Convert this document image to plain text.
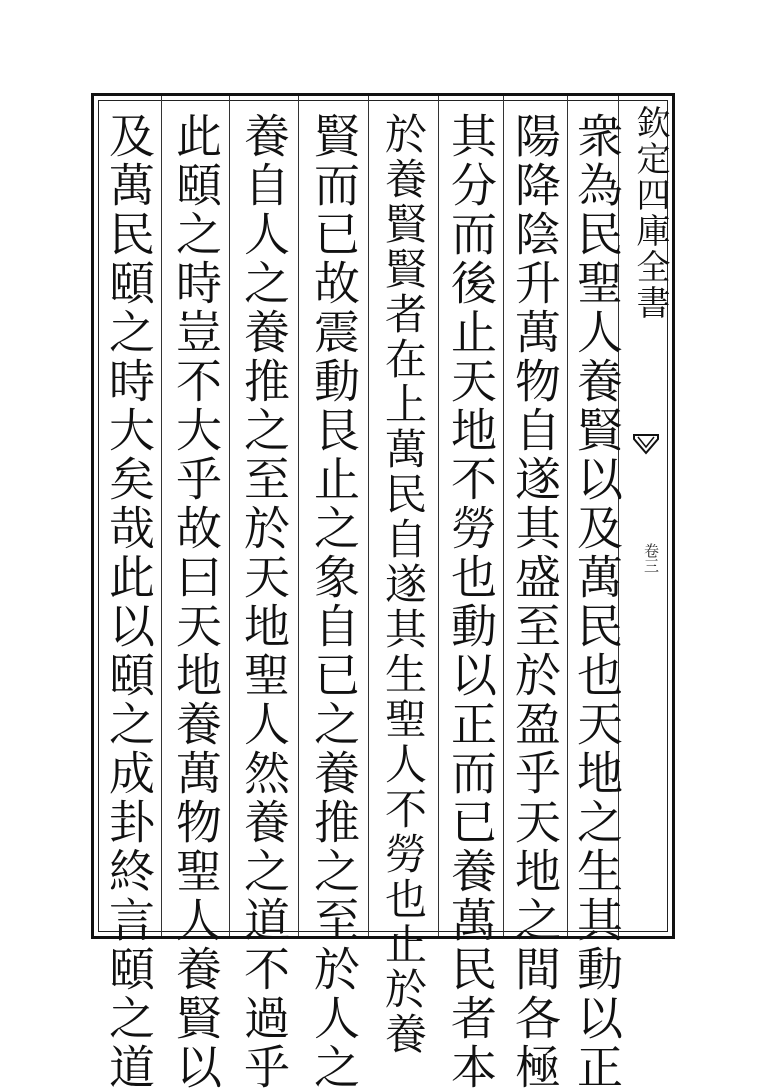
欽定四庫全書
卷三
衆為民聖人養賢以及萬民也天地之生其動以正
陽降陰升萬物自遂其盛至於盈乎天地之間各極
其分而後止天地不勞也動以正而已養萬民者本
於養賢賢者在上萬民自遂其生聖人不勞也止於養
賢而已故震動艮止之象自已之養推之至於人之
養自人之養推之至於天地聖人然養之道不過乎
此頤之時豈不大乎故曰天地養萬物聖人養賢以
及萬民頤之時大矣哉此以頤之成卦終言頤之道
